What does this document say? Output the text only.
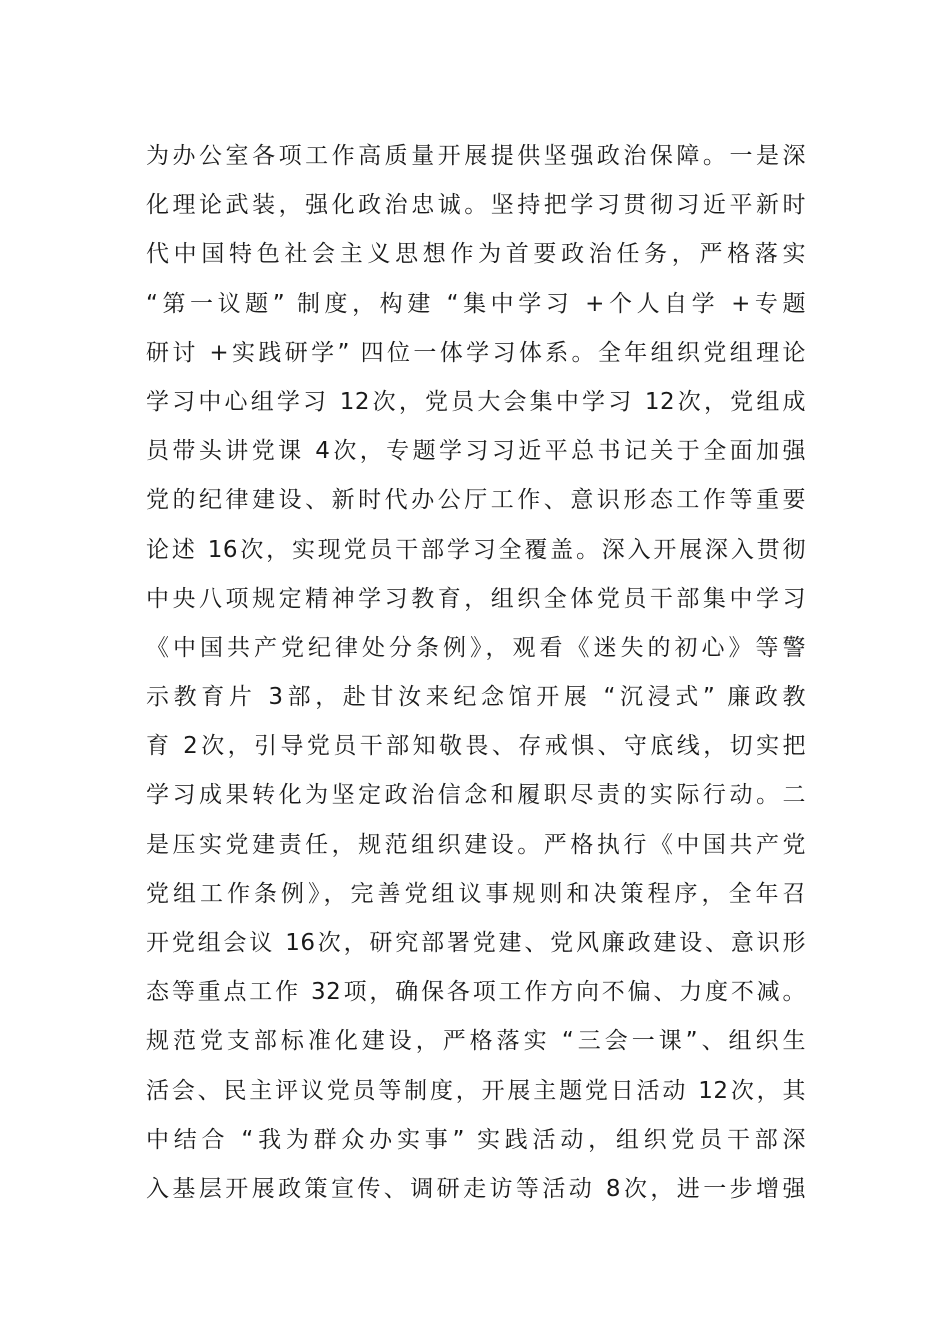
为办公室各项工作高质量开展提供坚强政治保障。一是深
化理论武装，强化政治忠诚。坚持把学习贯彻习近平新时
代中国特色社会主义思想作为首要政治任务，严格落实
“第一议题” 制度，构建 “集中学习 +个人自学 +专题
研讨 +实践研学” 四位一体学习体系。全年组织党组理论
学习中心组学习 12次，党员大会集中学习 12次，党组成
员带头讲党课 4次，专题学习习近平总书记关于全面加强
党的纪律建设、新时代办公厅工作、意识形态工作等重要
论述 16次，实现党员干部学习全覆盖。深入开展深入贯彻
中央八项规定精神学习教育，组织全体党员干部集中学习
《中国共产党纪律处分条例》，观看《迷失的初心》等警
示教育片 3部，赴甘汝来纪念馆开展 “沉浸式” 廉政教
育 2次，引导党员干部知敬畏、存戒惧、守底线，切实把
学习成果转化为坚定政治信念和履职尽责的实际行动。二
是压实党建责任，规范组织建设。严格执行《中国共产党
党组工作条例》，完善党组议事规则和决策程序，全年召
开党组会议 16次，研究部署党建、党风廉政建设、意识形
态等重点工作 32项，确保各项工作方向不偏、力度不减。
规范党支部标准化建设，严格落实 “三会一课”、组织生
活会、民主评议党员等制度，开展主题党日活动 12次，其
中结合 “我为群众办实事” 实践活动，组织党员干部深
入基层开展政策宣传、调研走访等活动 8次，进一步增强
